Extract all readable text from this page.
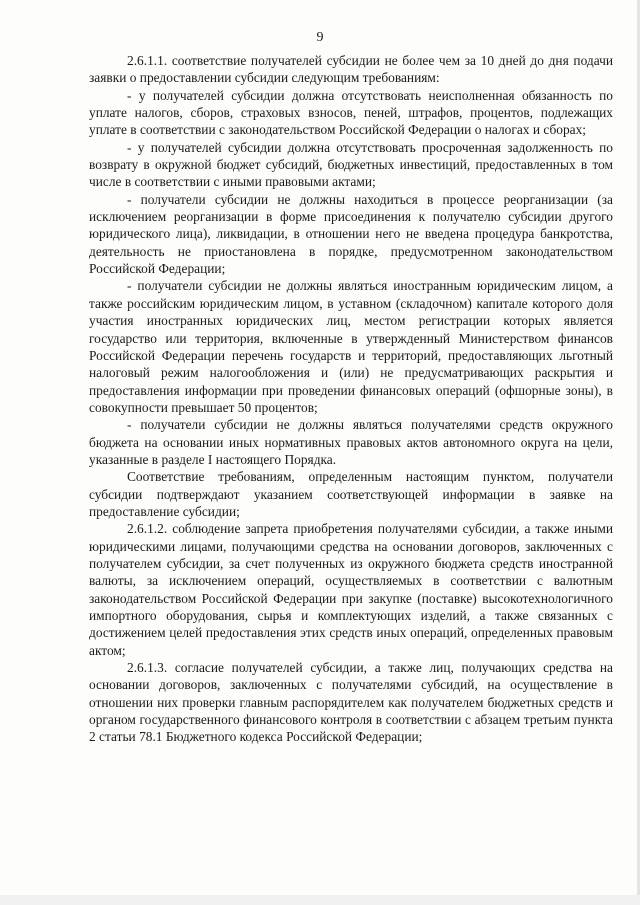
9

2.6.1.1. соответствие получателей субсидии не более чем за 10 дней до дня подачи заявки о предоставлении субсидии следующим требованиям:

- у получателей субсидии должна отсутствовать неисполненная обязанность по уплате налогов, сборов, страховых взносов, пеней, штрафов, процентов, подлежащих уплате в соответствии с законодательством Российской Федерации о налогах и сборах;

- у получателей субсидии должна отсутствовать просроченная задолженность по возврату в окружной бюджет субсидий, бюджетных инвестиций, предоставленных в том числе в соответствии с иными правовыми актами;

- получатели субсидии не должны находиться в процессе реорганизации (за исключением реорганизации в форме присоединения к получателю субсидии другого юридического лица), ликвидации, в отношении него не введена процедура банкротства, деятельность не приостановлена в порядке, предусмотренном законодательством Российской Федерации;

- получатели субсидии не должны являться иностранным юридическим лицом, а также российским юридическим лицом, в уставном (складочном) капитале которого доля участия иностранных юридических лиц, местом регистрации которых является государство или территория, включенные в утвержденный Министерством финансов Российской Федерации перечень государств и территорий, предоставляющих льготный налоговый режим налогообложения и (или) не предусматривающих раскрытия и предоставления информации при проведении финансовых операций (офшорные зоны), в совокупности превышает 50 процентов;

- получатели субсидии не должны являться получателями средств окружного бюджета на основании иных нормативных правовых актов автономного округа на цели, указанные в разделе I настоящего Порядка.

Соответствие требованиям, определенным настоящим пунктом, получатели субсидии подтверждают указанием соответствующей информации в заявке на предоставление субсидии;

2.6.1.2. соблюдение запрета приобретения получателями субсидии, а также иными юридическими лицами, получающими средства на основании договоров, заключенных с получателем субсидии, за счет полученных из окружного бюджета средств иностранной валюты, за исключением операций, осуществляемых в соответствии с валютным законодательством Российской Федерации при закупке (поставке) высокотехнологичного импортного оборудования, сырья и комплектующих изделий, а также связанных с достижением целей предоставления этих средств иных операций, определенных правовым актом;

2.6.1.3. согласие получателей субсидии, а также лиц, получающих средства на основании договоров, заключенных с получателями субсидий, на осуществление в отношении них проверки главным распорядителем как получателем бюджетных средств и органом государственного финансового контроля в соответствии с абзацем третьим пункта 2 статьи 78.1 Бюджетного кодекса Российской Федерации;
